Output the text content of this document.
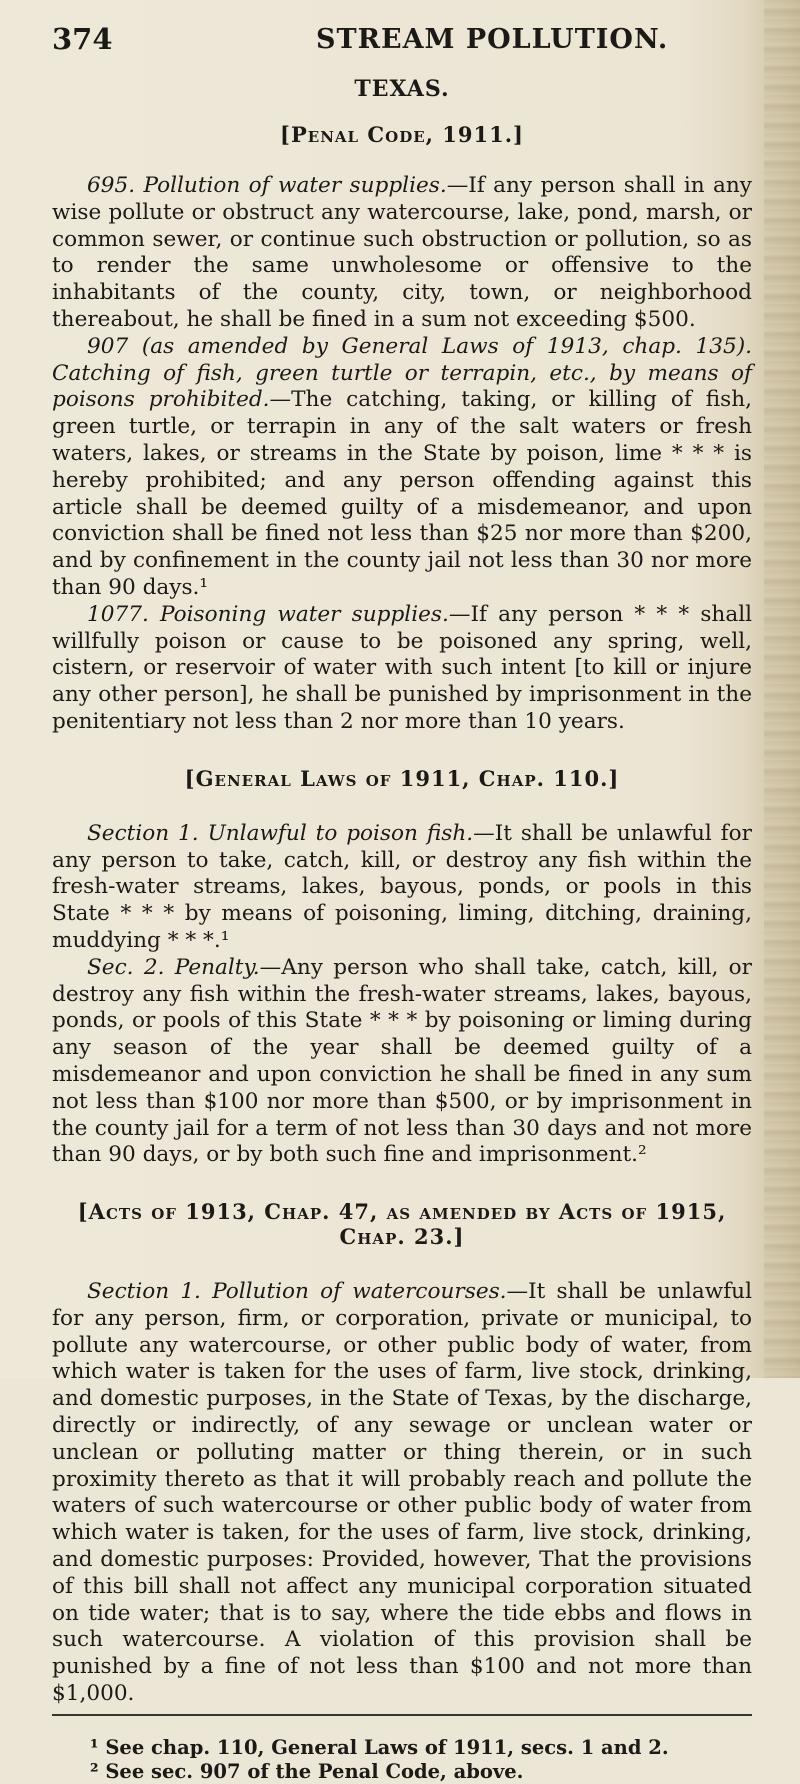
374	STREAM POLLUTION.
TEXAS.
[Penal Code, 1911.]

695. Pollution of water supplies.—If any person shall in any wise pollute or obstruct any watercourse, lake, pond, marsh, or common sewer, or continue such obstruction or pollution, so as to render the same unwholesome or offensive to the inhabitants of the county, city, town, or neighborhood thereabout, he shall be fined in a sum not exceeding $500.

907 (as amended by General Laws of 1913, chap. 135). Catching of fish, green turtle or terrapin, etc., by means of poisons prohibited.—The catching, taking, or killing of fish, green turtle, or terrapin in any of the salt waters or fresh waters, lakes, or streams in the State by poison, lime * * * is hereby prohibited; and any person offending against this article shall be deemed guilty of a misdemeanor, and upon conviction shall be fined not less than $25 nor more than $200, and by confinement in the county jail not less than 30 nor more than 90 days.¹

1077. Poisoning water supplies.—If any person * * * shall willfully poison or cause to be poisoned any spring, well, cistern, or reservoir of water with such intent [to kill or injure any other person], he shall be punished by imprisonment in the penitentiary not less than 2 nor more than 10 years.

[General Laws of 1911, Chap. 110.]

Section 1. Unlawful to poison fish.—It shall be unlawful for any person to take, catch, kill, or destroy any fish within the fresh-water streams, lakes, bayous, ponds, or pools in this State * * * by means of poisoning, liming, ditching, draining, muddying * * *.¹

Sec. 2. Penalty.—Any person who shall take, catch, kill, or destroy any fish within the fresh-water streams, lakes, bayous, ponds, or pools of this State * * * by poisoning or liming during any season of the year shall be deemed guilty of a misdemeanor and upon conviction he shall be fined in any sum not less than $100 nor more than $500, or by imprisonment in the county jail for a term of not less than 30 days and not more than 90 days, or by both such fine and imprisonment.²

[Acts of 1913, Chap. 47, as amended by Acts of 1915, Chap. 23.]

Section 1. Pollution of watercourses.—It shall be unlawful for any person, firm, or corporation, private or municipal, to pollute any watercourse, or other public body of water, from which water is taken for the uses of farm, live stock, drinking, and domestic purposes, in the State of Texas, by the discharge, directly or indirectly, of any sewage or unclean water or unclean or polluting matter or thing therein, or in such proximity thereto as that it will probably reach and pollute the waters of such watercourse or other public body of water from which water is taken, for the uses of farm, live stock, drinking, and domestic purposes: Provided, however, That the provisions of this bill shall not affect any municipal corporation situated on tide water; that is to say, where the tide ebbs and flows in such watercourse. A violation of this provision shall be punished by a fine of not less than $100 and not more than $1,000.

¹ See chap. 110, General Laws of 1911, secs. 1 and 2.

² See sec. 907 of the Penal Code, above.
